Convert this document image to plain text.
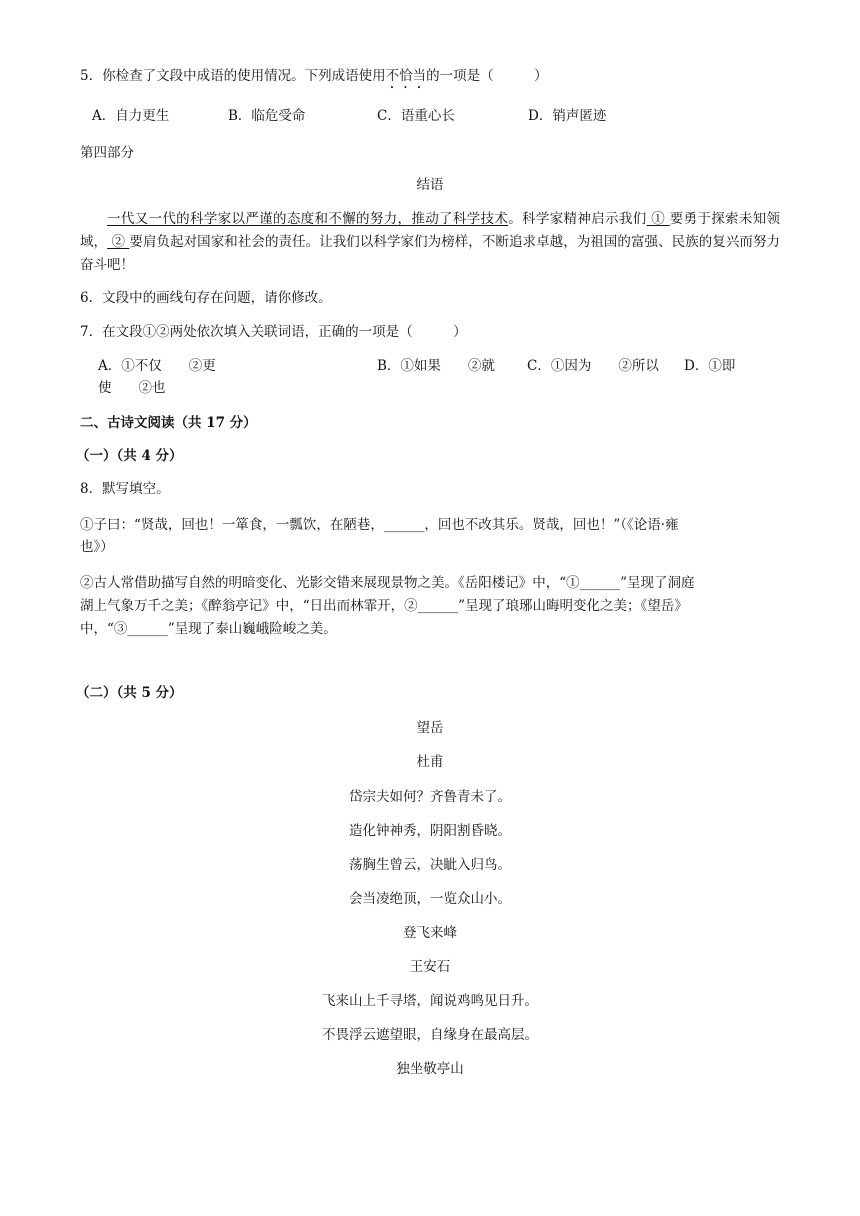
5．你检查了文段中成语的使用情况。下列成语使用不恰当的一项是（　　　）
A．自力更生	B．临危受命	C．语重心长	D．销声匿迹
第四部分
结语
一代又一代的科学家以严谨的态度和不懈的努力，推动了科学技术。科学家精神启示我们 ① 要勇于探索未知领域， ② 要肩负起对国家和社会的责任。让我们以科学家们为榜样，不断追求卓越，为祖国的富强、民族的复兴而努力奋斗吧！
6．文段中的画线句存在问题，请你修改。
7．在文段①②两处依次填入关联词语，正确的一项是（　　　）
A．①不仅　　②更	B．①如果　　②就 C．①因为　　②所以 D．①即
使　　②也
二、古诗文阅读（共 17 分）
（一）（共 4 分）
8．默写填空。
①子曰：“贤哉，回也！一箪食，一瓢饮，在陋巷，______，回也不改其乐。贤哉，回也！”（《论语·雍
也》）
②古人常借助描写自然的明暗变化、光影交错来展现景物之美。《岳阳楼记》中，“①______”呈现了洞庭
湖上气象万千之美；《醉翁亭记》中，“日出而林霏开，②______”呈现了琅琊山晦明变化之美；《望岳》
中，“③______”呈现了泰山巍峨险峻之美。
（二）（共 5 分）
望岳
杜甫
岱宗夫如何？齐鲁青未了。
造化钟神秀，阴阳割昏晓。
荡胸生曾云，决眦入归鸟。
会当凌绝顶，一览众山小。
登飞来峰
王安石
飞来山上千寻塔，闻说鸡鸣见日升。
不畏浮云遮望眼，自缘身在最高层。
独坐敬亭山
